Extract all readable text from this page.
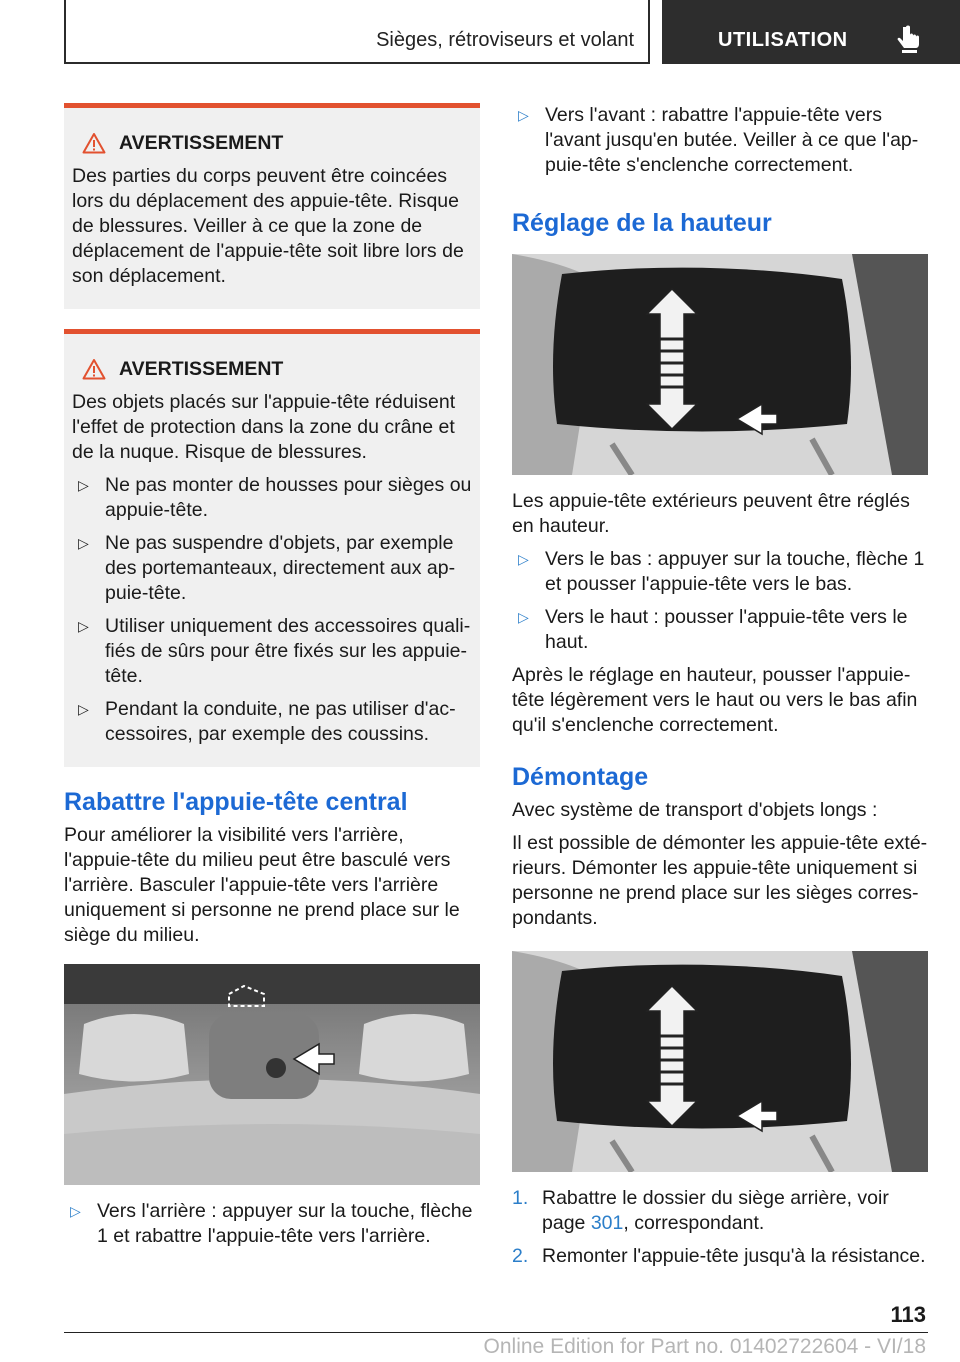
Sièges, rétroviseurs et volant	UTILISATION
AVERTISSEMENT

Des parties du corps peuvent être coincées lors du déplacement des appuie-tête. Risque de blessures. Veiller à ce que la zone de déplacement de l'appuie-tête soit libre lors de son déplacement.

AVERTISSEMENT

Des objets placés sur l'appuie-tête réduisent l'effet de protection dans la zone du crâne et de la nuque. Risque de blessures.

▷ Ne pas monter de housses pour sièges ou appuie-tête.
▷ Ne pas suspendre d'objets, par exemple des portemanteaux, directement aux appuie-tête.
▷ Utiliser uniquement des accessoires qualifiés de sûrs pour être fixés sur les appuie-tête.
▷ Pendant la conduite, ne pas utiliser d'accessoires, par exemple des coussins.
Rabattre l'appuie-tête central

Pour améliorer la visibilité vers l'arrière, l'appuie-tête du milieu peut être basculé vers l'arrière. Basculer l'appuie-tête vers l'arrière uniquement si personne ne prend place sur le siège du milieu.

▷ Vers l'arrière : appuyer sur la touche, flèche 1 et rabattre l'appuie-tête vers l'arrière.
▷ Vers l'avant : rabattre l'appuie-tête vers l'avant jusqu'en butée. Veiller à ce que l'appuie-tête s'enclenche correctement.
Réglage de la hauteur

Les appuie-tête extérieurs peuvent être réglés en hauteur.

▷ Vers le bas : appuyer sur la touche, flèche 1 et pousser l'appuie-tête vers le bas.
▷ Vers le haut : pousser l'appuie-tête vers le haut.

Après le réglage en hauteur, pousser l'appuie-tête légèrement vers le haut ou vers le bas afin qu'il s'enclenche correctement.

Démontage

Avec système de transport d'objets longs :

Il est possible de démonter les appuie-tête extérieurs. Démonter les appuie-tête uniquement si personne ne prend place sur les sièges correspondants.

1. Rabattre le dossier du siège arrière, voir page 301, correspondant.
2. Remonter l'appuie-tête jusqu'à la résistance.
113
Online Edition for Part no. 01402722604 - VI/18
